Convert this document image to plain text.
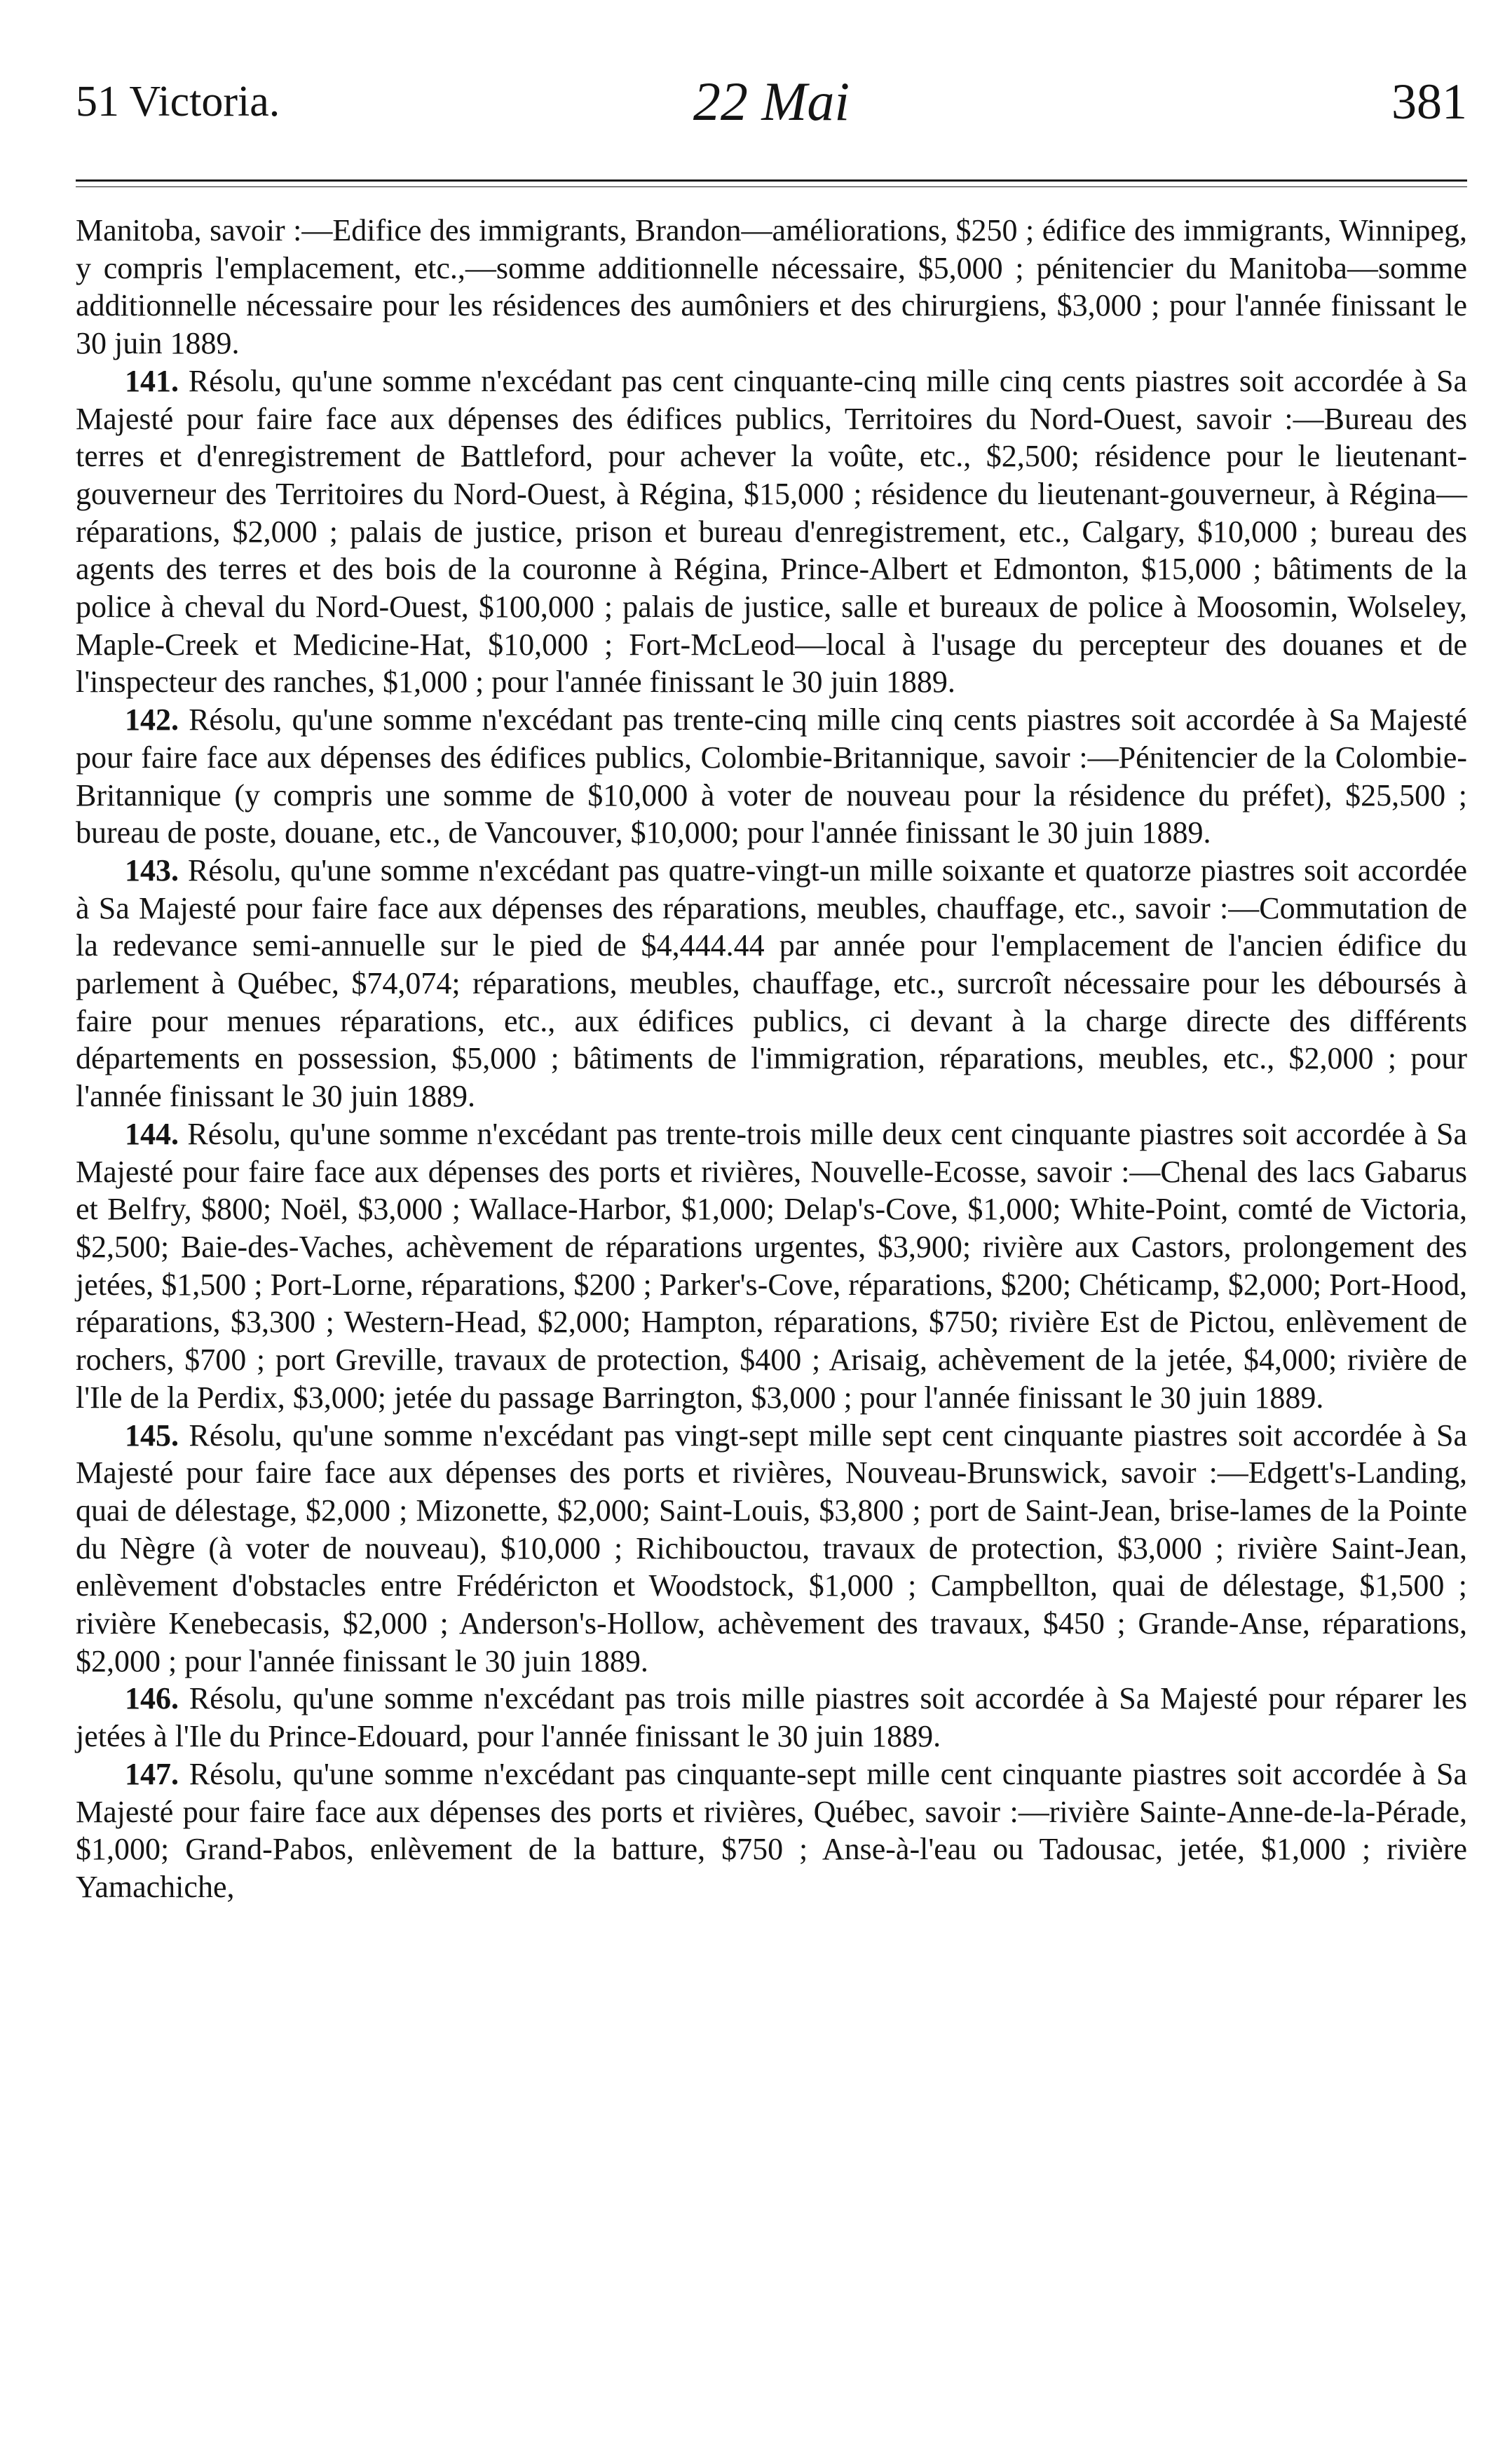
51 Victoria.	22 Mai	381

Manitoba, savoir :—Edifice des immigrants, Brandon—améliorations, $250 ; édifice des immigrants, Winnipeg, y compris l'emplacement, etc.,—somme additionnelle nécessaire, $5,000 ; pénitencier du Manitoba—somme additionnelle nécessaire pour les résidences des aumôniers et des chirurgiens, $3,000 ; pour l'année finissant le 30 juin 1889.

141. Résolu, qu'une somme n'excédant pas cent cinquante-cinq mille cinq cents piastres soit accordée à Sa Majesté pour faire face aux dépenses des édifices publics, Territoires du Nord-Ouest, savoir :—Bureau des terres et d'enregistrement de Battleford, pour achever la voûte, etc., $2,500; résidence pour le lieutenant-gouverneur des Territoires du Nord-Ouest, à Régina, $15,000 ; résidence du lieutenant-gouverneur, à Régina—réparations, $2,000 ; palais de justice, prison et bureau d'enregistrement, etc., Calgary, $10,000 ; bureau des agents des terres et des bois de la couronne à Régina, Prince-Albert et Edmonton, $15,000 ; bâtiments de la police à cheval du Nord-Ouest, $100,000 ; palais de justice, salle et bureaux de police à Moosomin, Wolseley, Maple-Creek et Medicine-Hat, $10,000 ; Fort-McLeod—local à l'usage du percepteur des douanes et de l'inspecteur des ranches, $1,000 ; pour l'année finissant le 30 juin 1889.

142. Résolu, qu'une somme n'excédant pas trente-cinq mille cinq cents piastres soit accordée à Sa Majesté pour faire face aux dépenses des édifices publics, Colombie-Britannique, savoir :—Pénitencier de la Colombie-Britannique (y compris une somme de $10,000 à voter de nouveau pour la résidence du préfet), $25,500 ; bureau de poste, douane, etc., de Vancouver, $10,000; pour l'année finissant le 30 juin 1889.

143. Résolu, qu'une somme n'excédant pas quatre-vingt-un mille soixante et quatorze piastres soit accordée à Sa Majesté pour faire face aux dépenses des réparations, meubles, chauffage, etc., savoir :—Commutation de la redevance semi-annuelle sur le pied de $4,444.44 par année pour l'emplacement de l'ancien édifice du parlement à Québec, $74,074; réparations, meubles, chauffage, etc., surcroît nécessaire pour les déboursés à faire pour menues réparations, etc., aux édifices publics, ci devant à la charge directe des différents départements en possession, $5,000 ; bâtiments de l'immigration, réparations, meubles, etc., $2,000 ; pour l'année finissant le 30 juin 1889.

144. Résolu, qu'une somme n'excédant pas trente-trois mille deux cent cinquante piastres soit accordée à Sa Majesté pour faire face aux dépenses des ports et rivières, Nouvelle-Ecosse, savoir :—Chenal des lacs Gabarus et Belfry, $800; Noël, $3,000 ; Wallace-Harbor, $1,000; Delap's-Cove, $1,000; White-Point, comté de Victoria, $2,500; Baie-des-Vaches, achèvement de réparations urgentes, $3,900; rivière aux Castors, prolongement des jetées, $1,500 ; Port-Lorne, réparations, $200 ; Parker's-Cove, réparations, $200; Chéticamp, $2,000; Port-Hood, réparations, $3,300 ; Western-Head, $2,000; Hampton, réparations, $750; rivière Est de Pictou, enlèvement de rochers, $700 ; port Greville, travaux de protection, $400 ; Arisaig, achèvement de la jetée, $4,000; rivière de l'Ile de la Perdix, $3,000; jetée du passage Barrington, $3,000 ; pour l'année finissant le 30 juin 1889.

145. Résolu, qu'une somme n'excédant pas vingt-sept mille sept cent cinquante piastres soit accordée à Sa Majesté pour faire face aux dépenses des ports et rivières, Nouveau-Brunswick, savoir :—Edgett's-Landing, quai de délestage, $2,000 ; Mizonette, $2,000; Saint-Louis, $3,800 ; port de Saint-Jean, brise-lames de la Pointe du Nègre (à voter de nouveau), $10,000 ; Richibouctou, travaux de protection, $3,000 ; rivière Saint-Jean, enlèvement d'obstacles entre Frédéricton et Woodstock, $1,000 ; Campbellton, quai de délestage, $1,500 ; rivière Kenebecasis, $2,000 ; Anderson's-Hollow, achèvement des travaux, $450 ; Grande-Anse, réparations, $2,000 ; pour l'année finissant le 30 juin 1889.

146. Résolu, qu'une somme n'excédant pas trois mille piastres soit accordée à Sa Majesté pour réparer les jetées à l'Ile du Prince-Edouard, pour l'année finissant le 30 juin 1889.

147. Résolu, qu'une somme n'excédant pas cinquante-sept mille cent cinquante piastres soit accordée à Sa Majesté pour faire face aux dépenses des ports et rivières, Québec, savoir :—rivière Sainte-Anne-de-la-Pérade, $1,000; Grand-Pabos, enlèvement de la batture, $750 ; Anse-à-l'eau ou Tadousac, jetée, $1,000 ; rivière Yamachiche,
